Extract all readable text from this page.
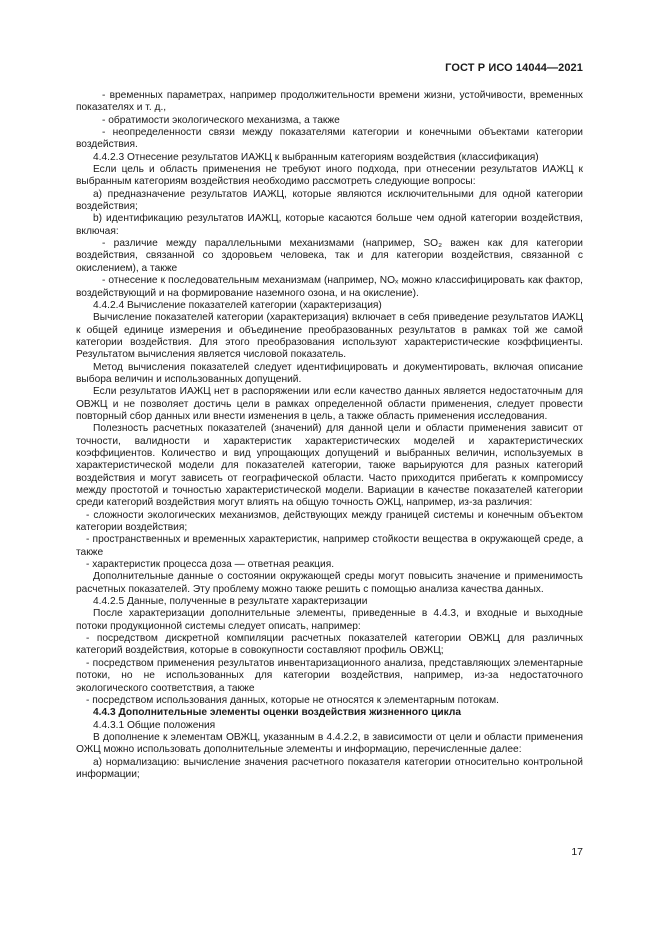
ГОСТ Р ИСО 14044—2021

- временных параметрах, например продолжительности времени жизни, устойчивости, временных показателях и т. д.,

- обратимости экологического механизма, а также

- неопределенности связи между показателями категории и конечными объектами категории воздействия.

4.4.2.3 Отнесение результатов ИАЖЦ к выбранным категориям воздействия (классификация)

Если цель и область применения не требуют иного подхода, при отнесении результатов ИАЖЦ к выбранным категориям воздействия необходимо рассмотреть следующие вопросы:

a) предназначение результатов ИАЖЦ, которые являются исключительными для одной категории воздействия;

b) идентификацию результатов ИАЖЦ, которые касаются больше чем одной категории воздействия, включая:

- различие между параллельными механизмами (например, SO₂ важен как для категории воздействия, связанной со здоровьем человека, так и для категории воздействия, связанной с окислением), а также

- отнесение к последовательным механизмам (например, NOₓ можно классифицировать как фактор, воздействующий и на формирование наземного озона, и на окисление).

4.4.2.4 Вычисление показателей категории (характеризация)

Вычисление показателей категории (характеризация) включает в себя приведение результатов ИАЖЦ к общей единице измерения и объединение преобразованных результатов в рамках той же самой категории воздействия. Для этого преобразования используют характеристические коэффициенты. Результатом вычисления является числовой показатель.

Метод вычисления показателей следует идентифицировать и документировать, включая описание выбора величин и использованных допущений.

Если результатов ИАЖЦ нет в распоряжении или если качество данных является недостаточным для ОВЖЦ и не позволяет достичь цели в рамках определенной области применения, следует провести повторный сбор данных или внести изменения в цель, а также область применения исследования.

Полезность расчетных показателей (значений) для данной цели и области применения зависит от точности, валидности и характеристик характеристических моделей и характеристических коэффициентов. Количество и вид упрощающих допущений и выбранных величин, используемых в характеристической модели для показателей категории, также варьируются для разных категорий воздействия и могут зависеть от географической области. Часто приходится прибегать к компромиссу между простотой и точностью характеристической модели. Вариации в качестве показателей категории среди категорий воздействия могут влиять на общую точность ОЖЦ, например, из-за различия:

- сложности экологических механизмов, действующих между границей системы и конечным объектом категории воздействия;

- пространственных и временных характеристик, например стойкости вещества в окружающей среде, а также

- характеристик процесса доза — ответная реакция.

Дополнительные данные о состоянии окружающей среды могут повысить значение и применимость расчетных показателей. Эту проблему можно также решить с помощью анализа качества данных.

4.4.2.5 Данные, полученные в результате характеризации

После характеризации дополнительные элементы, приведенные в 4.4.3, и входные и выходные потоки продукционной системы следует описать, например:

- посредством дискретной компиляции расчетных показателей категории ОВЖЦ для различных категорий воздействия, которые в совокупности составляют профиль ОВЖЦ;

- посредством применения результатов инвентаризационного анализа, представляющих элементарные потоки, но не использованных для категории воздействия, например, из-за недостаточного экологического соответствия, а также

- посредством использования данных, которые не относятся к элементарным потокам.

4.4.3 Дополнительные элементы оценки воздействия жизненного цикла

4.4.3.1 Общие положения

В дополнение к элементам ОВЖЦ, указанным в 4.4.2.2, в зависимости от цели и области применения ОЖЦ можно использовать дополнительные элементы и информацию, перечисленные далее:

a) нормализацию: вычисление значения расчетного показателя категории относительно контрольной информации;

17
